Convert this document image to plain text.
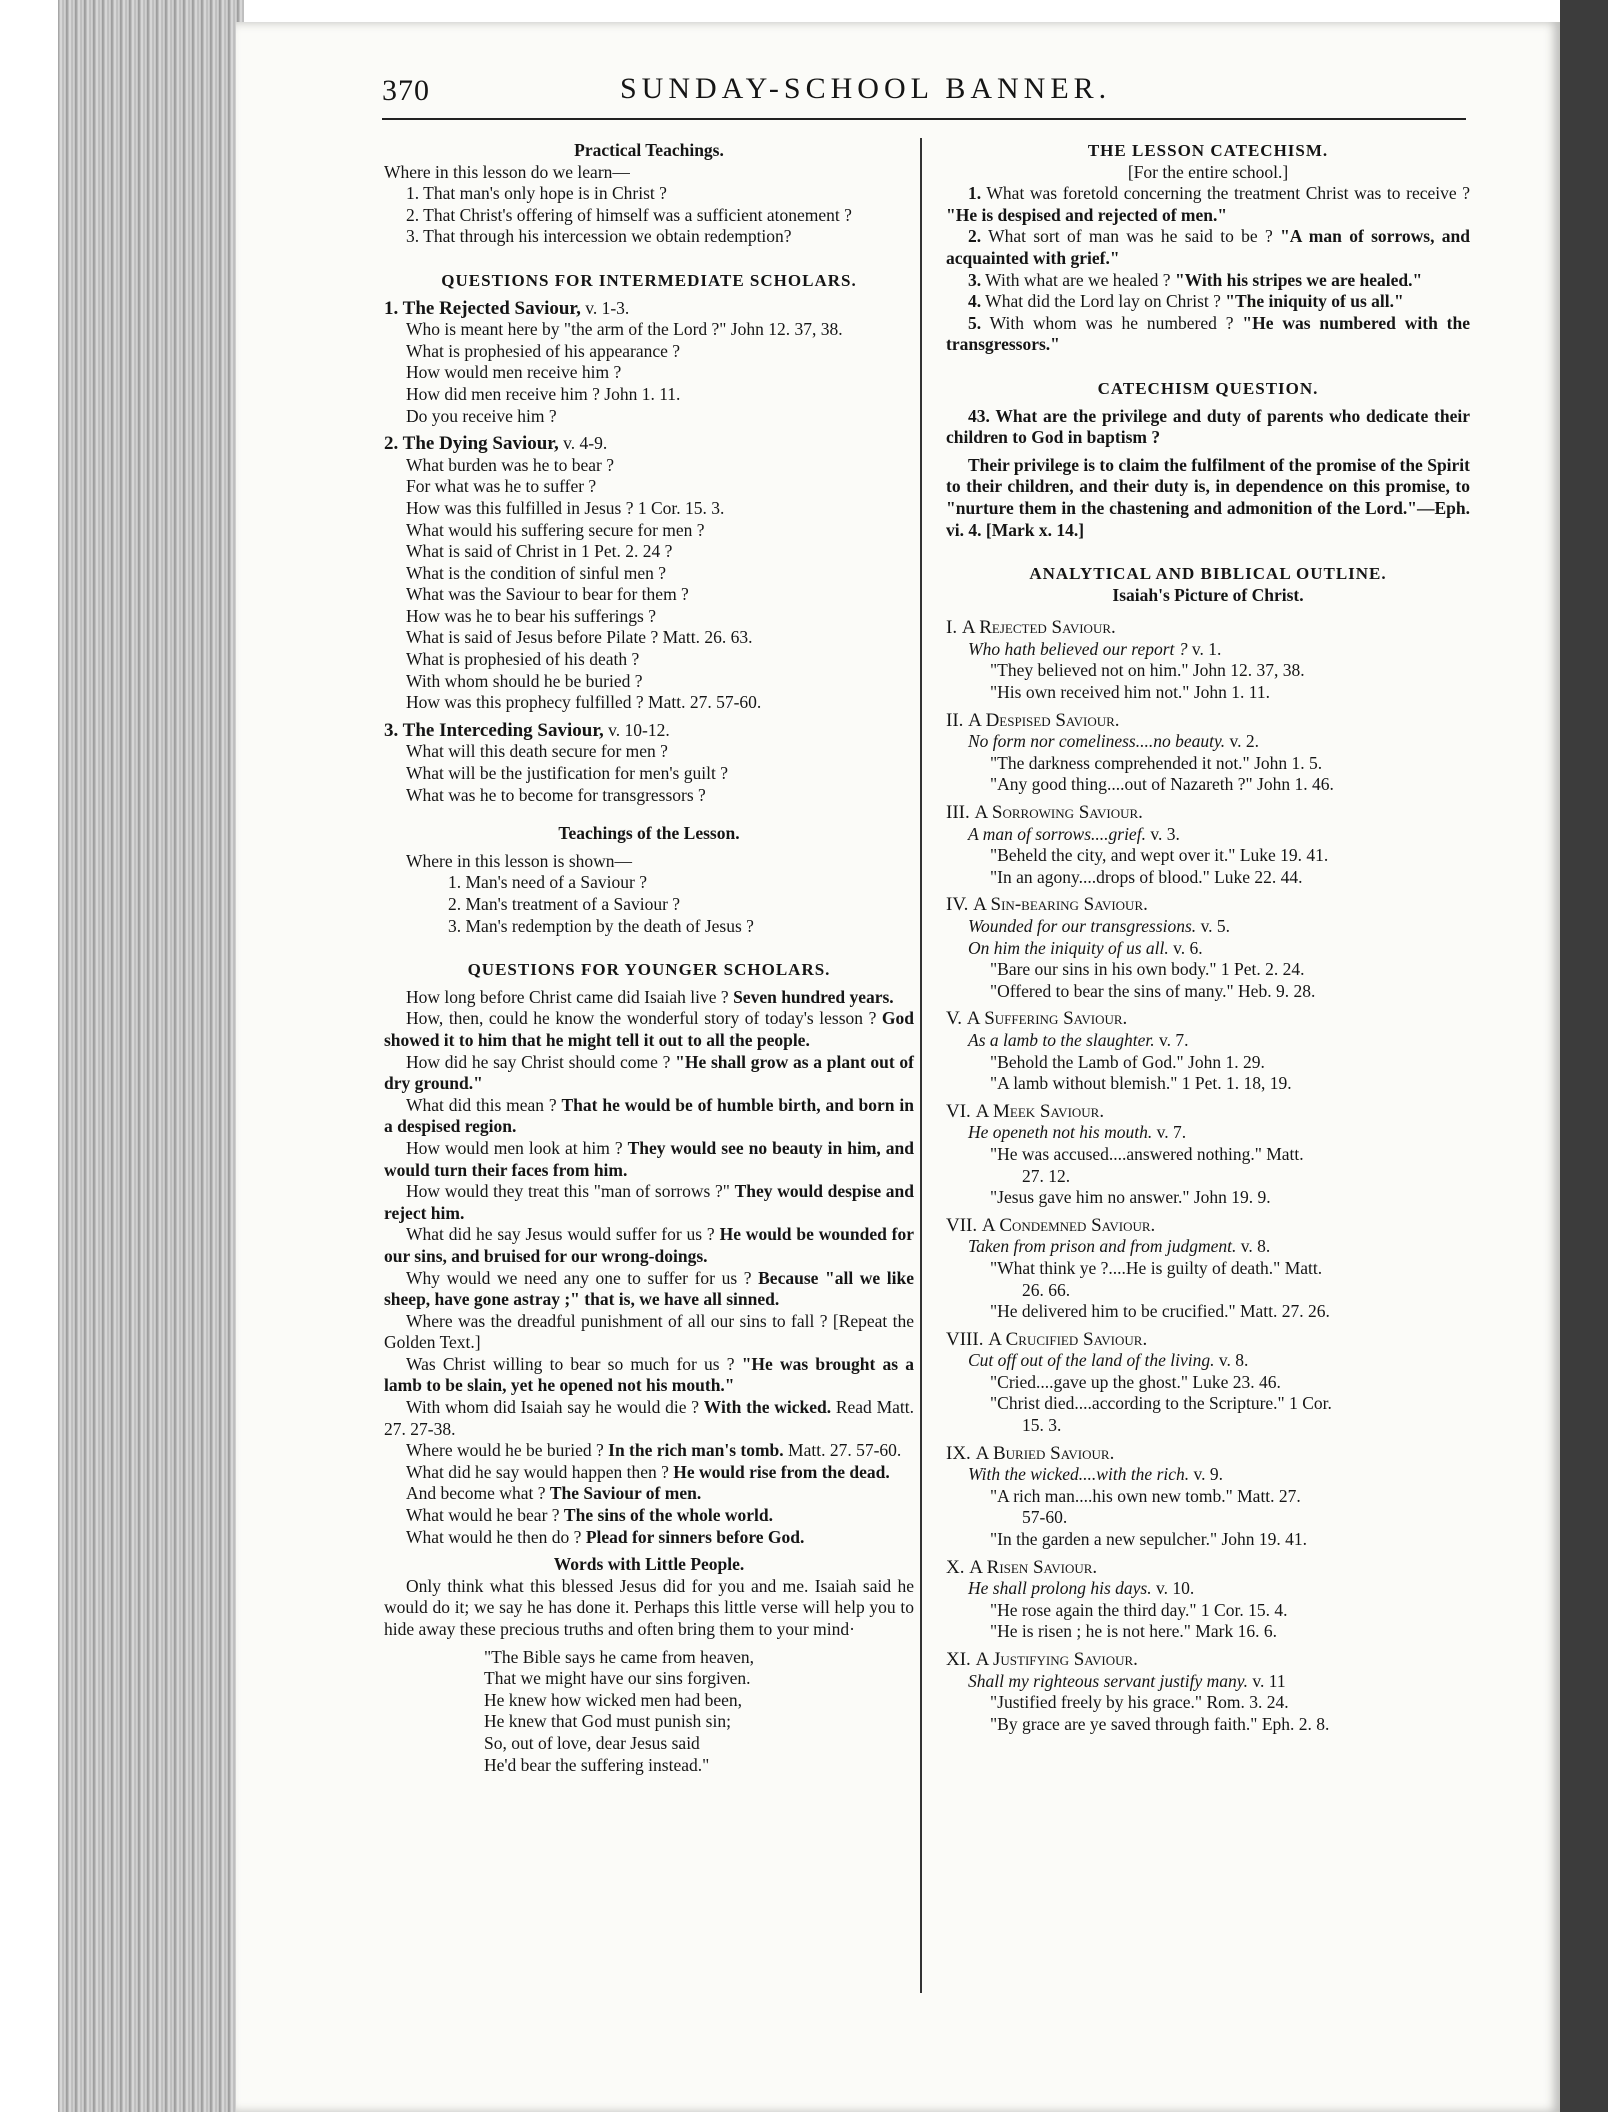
370	SUNDAY-SCHOOL BANNER.

Practical Teachings.

Where in this lesson do we learn—

1. That man's only hope is in Christ ?

2. That Christ's offering of himself was a sufficient atonement ?

3. That through his intercession we obtain redemption?

QUESTIONS FOR INTERMEDIATE SCHOLARS.

1. The Rejected Saviour, v. 1-3.

Who is meant here by "the arm of the Lord ?" John 12. 37, 38.

What is prophesied of his appearance ?

How would men receive him ?

How did men receive him ? John 1. 11.

Do you receive him ?

2. The Dying Saviour, v. 4-9.

What burden was he to bear ?

For what was he to suffer ?

How was this fulfilled in Jesus ? 1 Cor. 15. 3.

What would his suffering secure for men ?

What is said of Christ in 1 Pet. 2. 24 ?

What is the condition of sinful men ?

What was the Saviour to bear for them ?

How was he to bear his sufferings ?

What is said of Jesus before Pilate ? Matt. 26. 63.

What is prophesied of his death ?

With whom should he be buried ?

How was this prophecy fulfilled ? Matt. 27. 57-60.

3. The Interceding Saviour, v. 10-12.

What will this death secure for men ?

What will be the justification for men's guilt ?

What was he to become for transgressors ?

Teachings of the Lesson.

Where in this lesson is shown—

1. Man's need of a Saviour ?

2. Man's treatment of a Saviour ?

3. Man's redemption by the death of Jesus ?

QUESTIONS FOR YOUNGER SCHOLARS.

How long before Christ came did Isaiah live ? Seven hundred years.

How, then, could he know the wonderful story of today's lesson ? God showed it to him that he might tell it out to all the people.

How did he say Christ should come ? "He shall grow as a plant out of dry ground."

What did this mean ? That he would be of humble birth, and born in a despised region.

How would men look at him ? They would see no beauty in him, and would turn their faces from him.

How would they treat this "man of sorrows ?" They would despise and reject him.

What did he say Jesus would suffer for us ? He would be wounded for our sins, and bruised for our wrong-doings.

Why would we need any one to suffer for us ? Because "all we like sheep, have gone astray ;" that is, we have all sinned.

Where was the dreadful punishment of all our sins to fall ? [Repeat the Golden Text.]

Was Christ willing to bear so much for us ? "He was brought as a lamb to be slain, yet he opened not his mouth."

With whom did Isaiah say he would die ? With the wicked. Read Matt. 27. 27-38.

Where would he be buried ? In the rich man's tomb. Matt. 27. 57-60.

What did he say would happen then ? He would rise from the dead.

And become what ? The Saviour of men.

What would he bear ? The sins of the whole world.

What would he then do ? Plead for sinners before God.

Words with Little People.

Only think what this blessed Jesus did for you and me. Isaiah said he would do it; we say he has done it. Perhaps this little verse will help you to hide away these precious truths and often bring them to your mind·

"The Bible says he came from heaven,

That we might have our sins forgiven.

He knew how wicked men had been,

He knew that God must punish sin;

So, out of love, dear Jesus said

He'd bear the suffering instead."

THE LESSON CATECHISM.

[For the entire school.]

1. What was foretold concerning the treatment Christ was to receive ? "He is despised and rejected of men."

2. What sort of man was he said to be ? "A man of sorrows, and acquainted with grief."

3. With what are we healed ? "With his stripes we are healed."

4. What did the Lord lay on Christ ? "The iniquity of us all."

5. With whom was he numbered ? "He was numbered with the transgressors."

CATECHISM QUESTION.

43. What are the privilege and duty of parents who dedicate their children to God in baptism ?

Their privilege is to claim the fulfilment of the promise of the Spirit to their children, and their duty is, in dependence on this promise, to "nurture them in the chastening and admonition of the Lord."—Eph. vi. 4. [Mark x. 14.]

ANALYTICAL AND BIBLICAL OUTLINE.

Isaiah's Picture of Christ.

I. A Rejected Saviour.

Who hath believed our report ? v. 1.

"They believed not on him." John 12. 37, 38.

"His own received him not." John 1. 11.

II. A Despised Saviour.

No form nor comeliness....no beauty. v. 2.

"The darkness comprehended it not." John 1. 5.

"Any good thing....out of Nazareth ?" John 1. 46.

III. A Sorrowing Saviour.

A man of sorrows....grief. v. 3.

"Beheld the city, and wept over it." Luke 19. 41.

"In an agony....drops of blood." Luke 22. 44.

IV. A Sin-bearing Saviour.

Wounded for our transgressions. v. 5.

On him the iniquity of us all. v. 6.

"Bare our sins in his own body." 1 Pet. 2. 24.

"Offered to bear the sins of many." Heb. 9. 28.

V. A Suffering Saviour.

As a lamb to the slaughter. v. 7.

"Behold the Lamb of God." John 1. 29.

"A lamb without blemish." 1 Pet. 1. 18, 19.

VI. A Meek Saviour.

He openeth not his mouth. v. 7.

"He was accused....answered nothing." Matt.

27. 12.

"Jesus gave him no answer." John 19. 9.

VII. A Condemned Saviour.

Taken from prison and from judgment. v. 8.

"What think ye ?....He is guilty of death." Matt.

26. 66.

"He delivered him to be crucified." Matt. 27. 26.

VIII. A Crucified Saviour.

Cut off out of the land of the living. v. 8.

"Cried....gave up the ghost." Luke 23. 46.

"Christ died....according to the Scripture." 1 Cor.

15. 3.

IX. A Buried Saviour.

With the wicked....with the rich. v. 9.

"A rich man....his own new tomb." Matt. 27.

57-60.

"In the garden a new sepulcher." John 19. 41.

X. A Risen Saviour.

He shall prolong his days. v. 10.

"He rose again the third day." 1 Cor. 15. 4.

"He is risen ; he is not here." Mark 16. 6.

XI. A Justifying Saviour.

Shall my righteous servant justify many. v. 11

"Justified freely by his grace." Rom. 3. 24.

"By grace are ye saved through faith." Eph. 2. 8.
